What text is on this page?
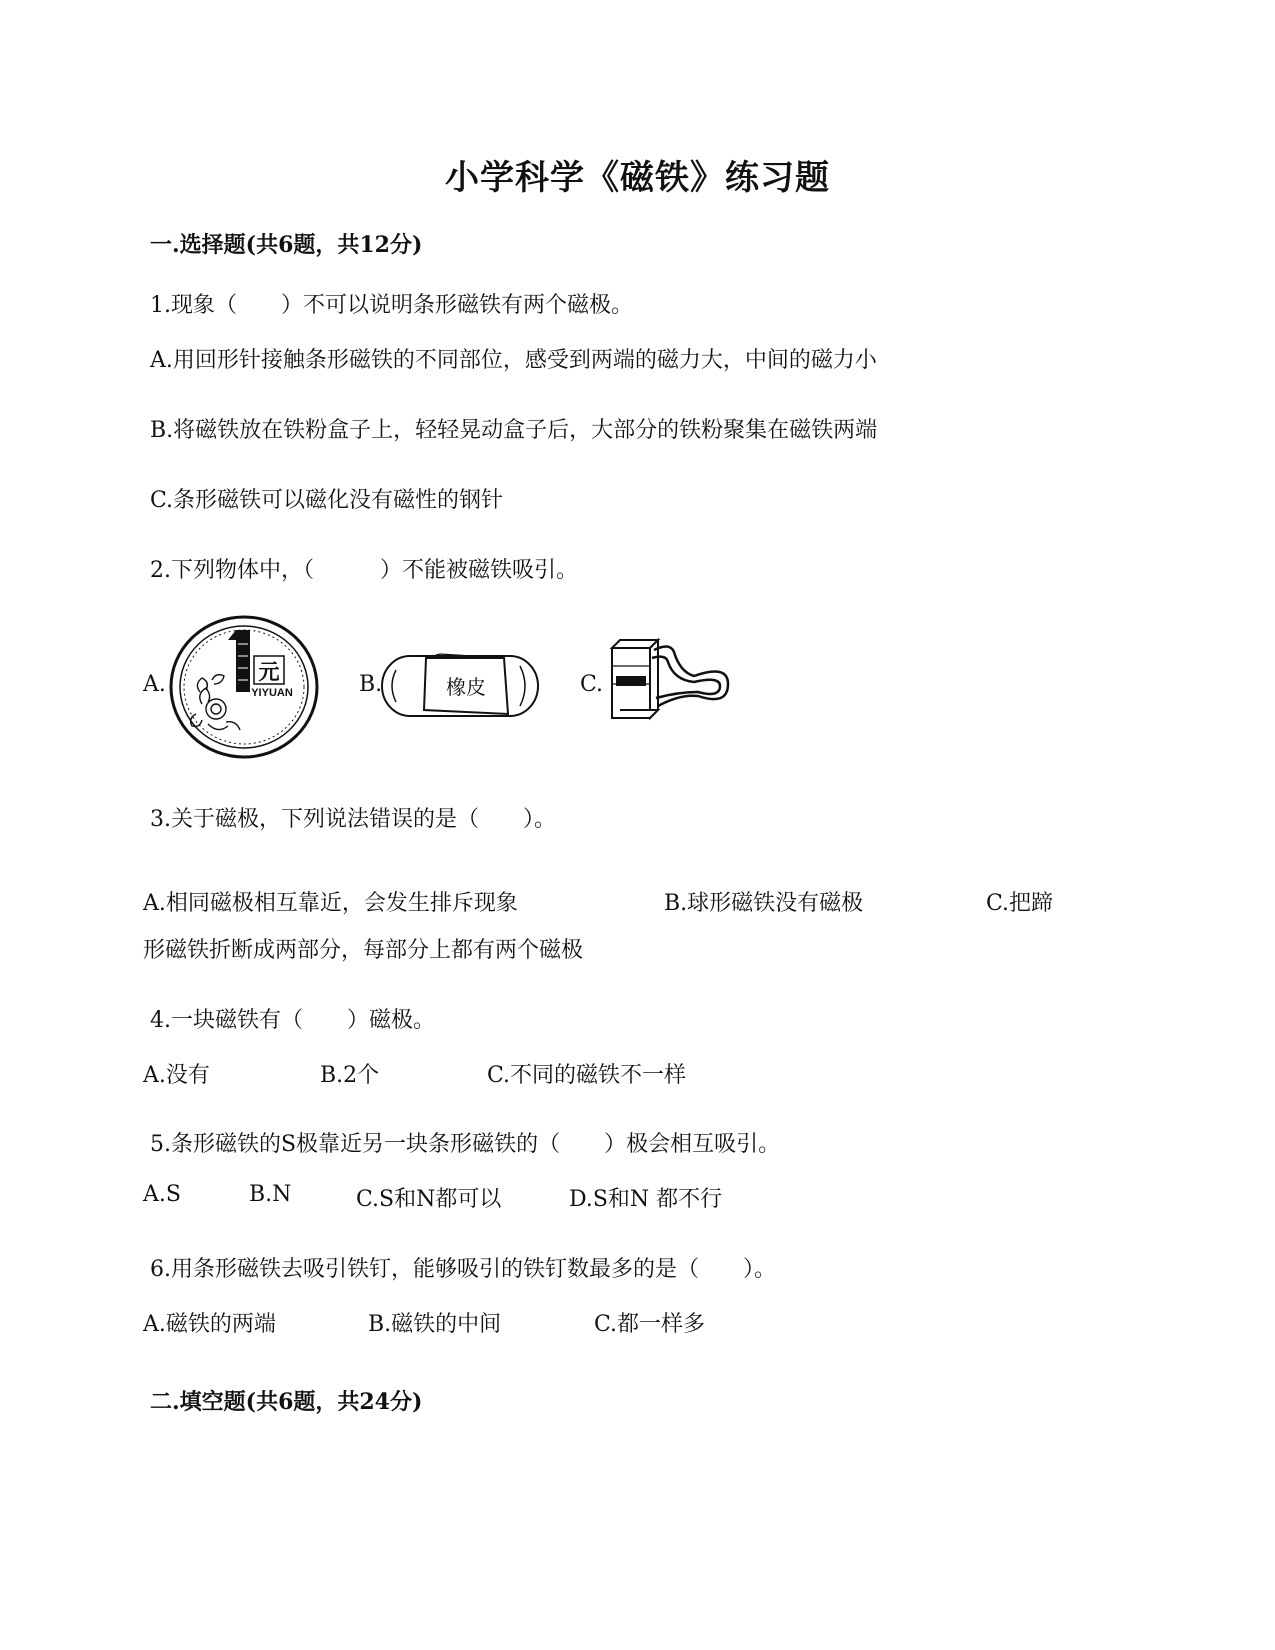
小学科学《磁铁》练习题
一.选择题(共6题，共12分)
1.现象（　　）不可以说明条形磁铁有两个磁极。
A.用回形针接触条形磁铁的不同部位，感受到两端的磁力大，中间的磁力小
B.将磁铁放在铁粉盒子上，轻轻晃动盒子后，大部分的铁粉聚集在磁铁两端
C.条形磁铁可以磁化没有磁性的钢针
2.下列物体中，（　　　）不能被磁铁吸引。
A.	元
YIYUAN	B.	橡皮	C.
3.关于磁极，下列说法错误的是（　　）。
A.相同磁极相互靠近，会发生排斥现象	B.球形磁铁没有磁极	C.把蹄
形磁铁折断成两部分，每部分上都有两个磁极
4.一块磁铁有（　　）磁极。
A.没有	B.2个	C.不同的磁铁不一样
5.条形磁铁的S极靠近另一块条形磁铁的（　　）极会相互吸引。
A.S	B.N	C.S和N都可以	D.S和N 都不行
6.用条形磁铁去吸引铁钉，能够吸引的铁钉数最多的是（　　）。
A.磁铁的两端	B.磁铁的中间	C.都一样多
二.填空题(共6题，共24分)
